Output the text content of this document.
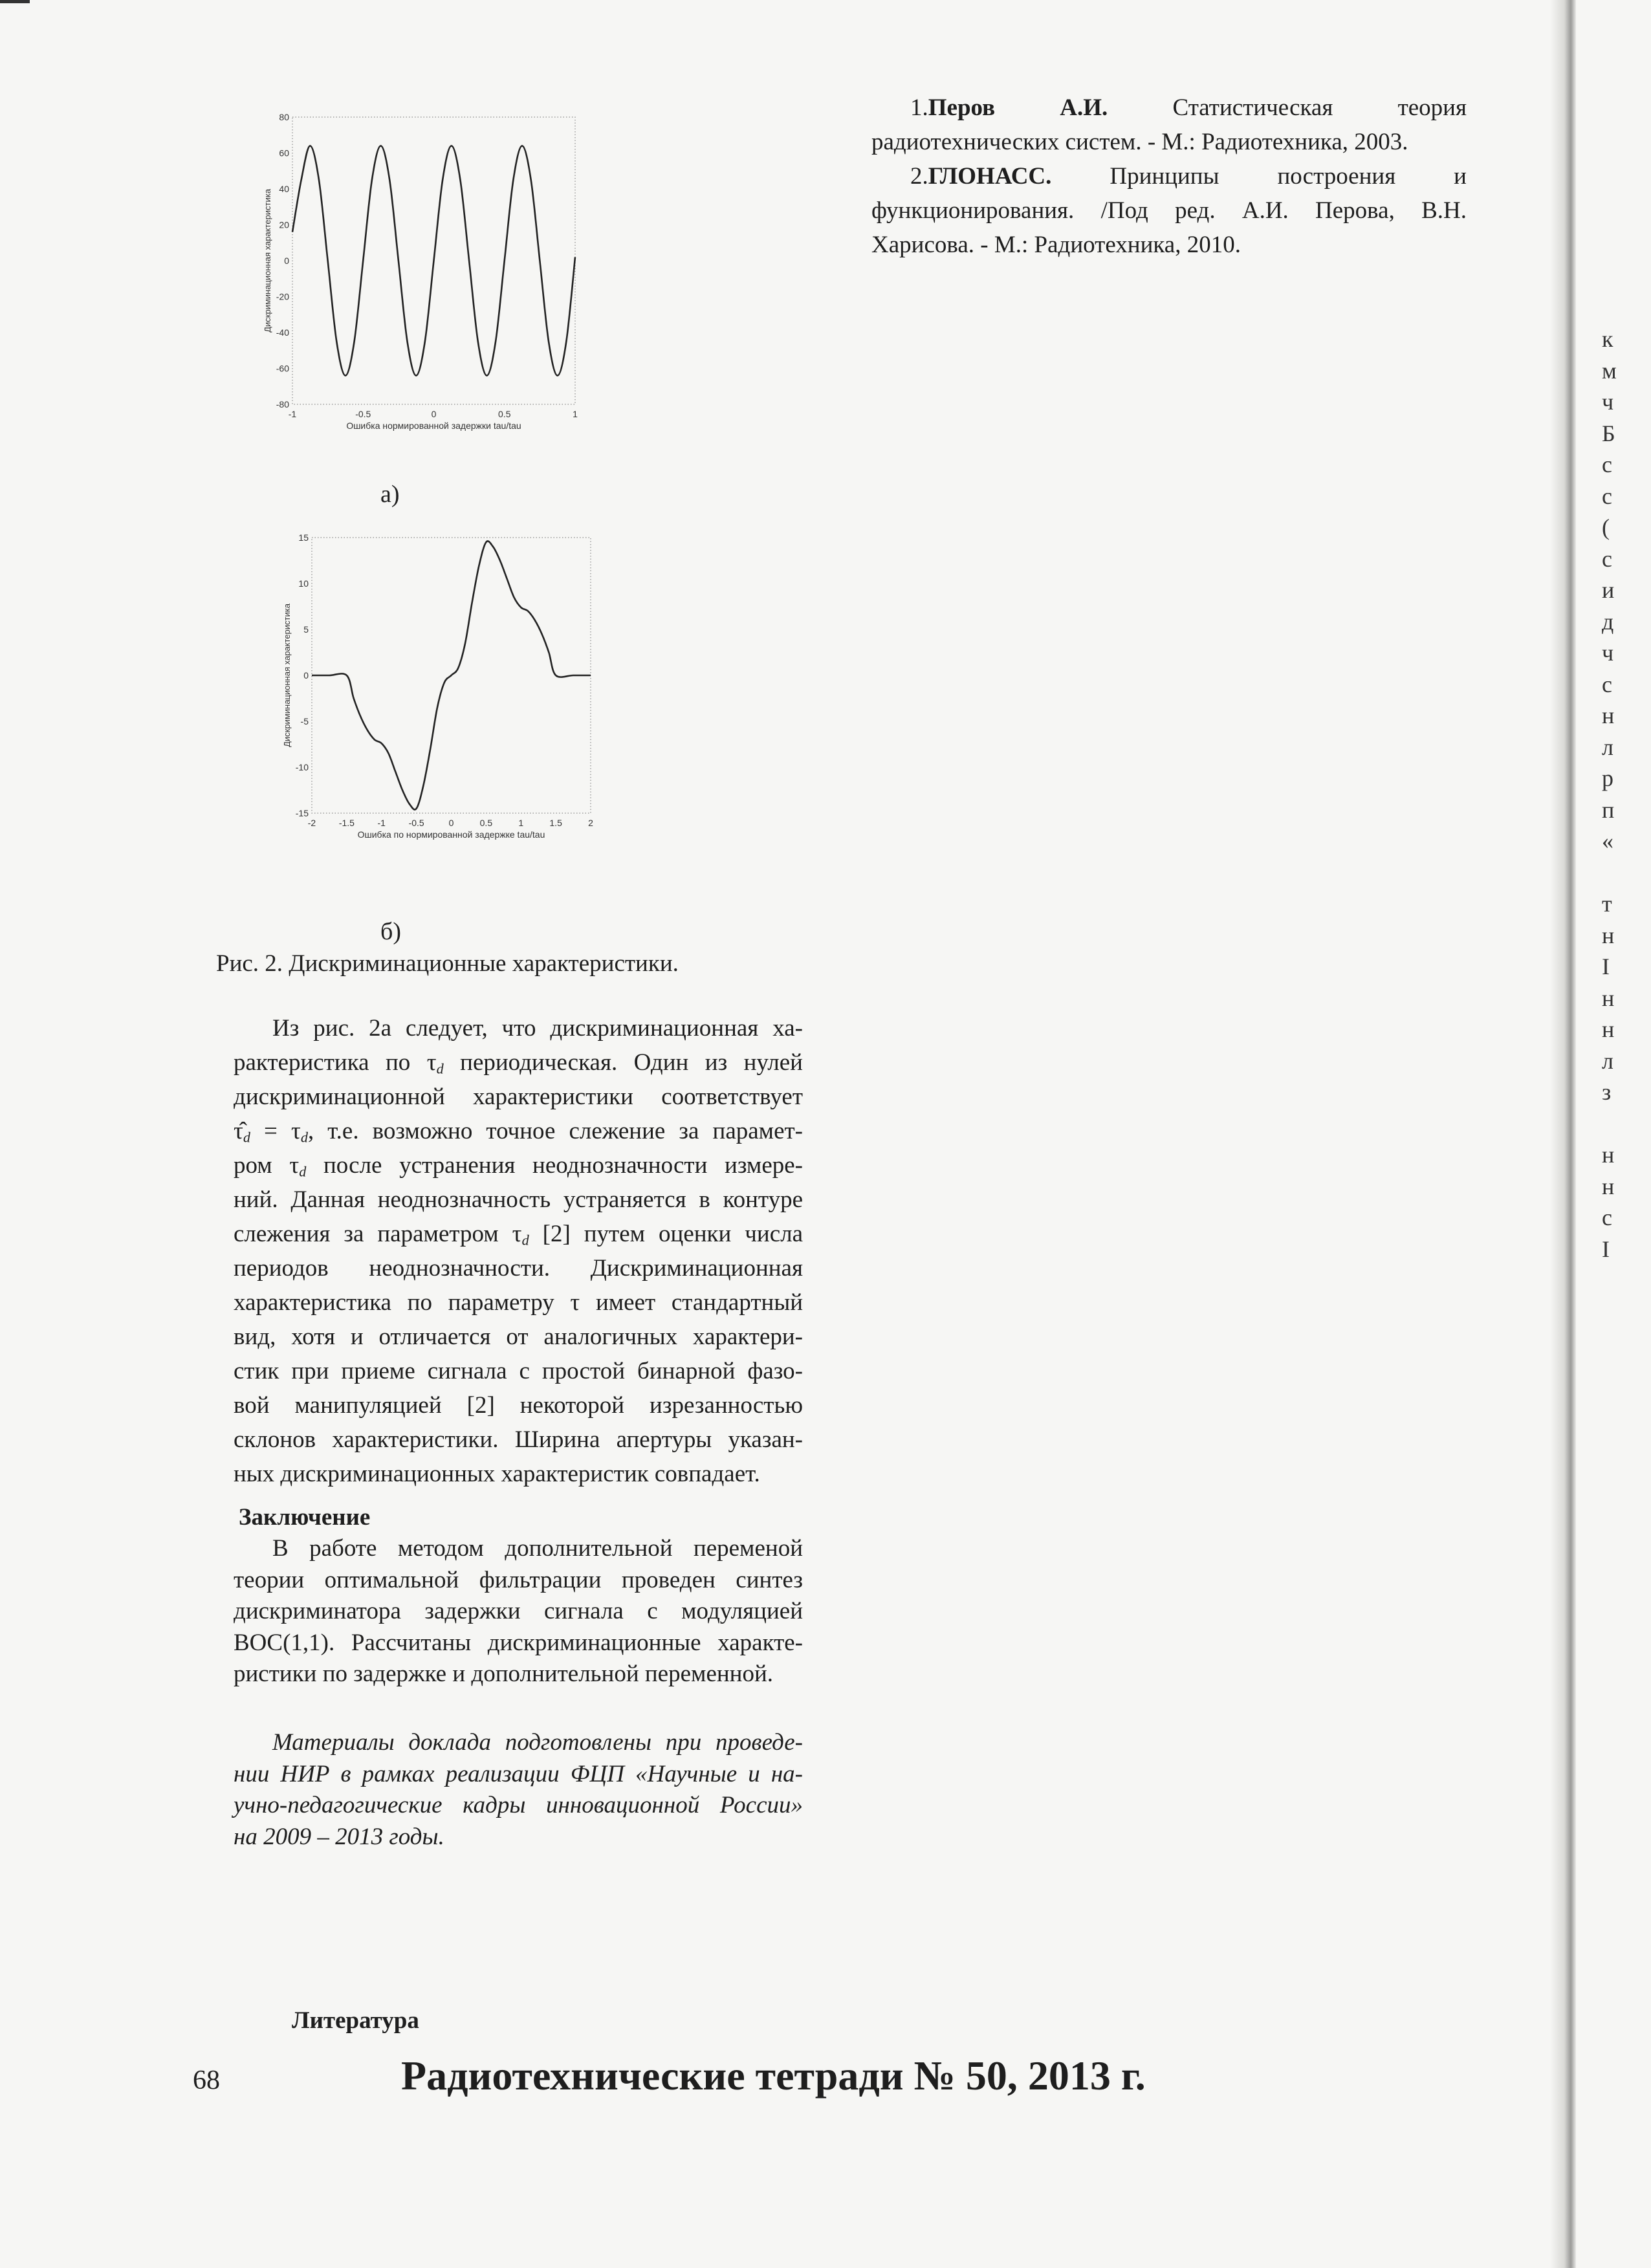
к
м
ч
Б
с
с
(
с
и
д
ч
с
н
л
р
п
«
т
н
I
н
н
л
з
н
н
с
I
1.Перов А.И. Статистическая теория радиотехнических систем. - М.: Радиотехника, 2003.
2.ГЛОНАСС. Принципы построения и функционирования. /Под ред. А.И. Перова, В.Н. Харисова. - М.: Радиотехника, 2010.
-80
-60
-40
-20
0
20
40
60
80
-1	-0.5	0	0.5	1
Ошибка нормированной задержки tau/tau
Дискриминационная характеристика
а)
-15
-10
-5
0
5
10
15
-2	-1.5	-1	-0.5	0	0.5	1	1.5	2
Ошибка по нормированной задержке tau/tau
Дискриминационная характеристика
б)
Рис. 2. Дискриминационные характеристики.
Из рис. 2а следует, что дискриминационная ха-
рактеристика по $\tau_d$ периодическая. Один из нулей
дискриминационной характеристики соответствует
$\taû_d = \tau_d$, т.е. возможно точное слежение за парамет-
ром $\tau_d$ после устранения неоднозначности измере-
ний. Данная неоднозначность устраняется в контуре
слежения за параметром $\tau_d$ [2] путем оценки числа
периодов неоднозначности. Дискриминационная
характеристика по параметру τ имеет стандартный
вид, хотя и отличается от аналогичных характери-
стик при приеме сигнала с простой бинарной фазо-
вой манипуляцией [2] некоторой изрезанностью
склонов характеристики. Ширина апертуры указан-
ных дискриминационных характеристик совпадает.
Заключение
В работе методом дополнительной переменой
теории оптимальной фильтрации проведен синтез
дискриминатора задержки сигнала с модуляцией
BOC(1,1). Рассчитаны дискриминационные характе-
ристики по задержке и дополнительной переменной.
Материалы доклада подготовлены при проведе-
нии НИР в рамках реализации ФЦП «Научные и на-
учно-педагогические кадры инновационной России»
на 2009 – 2013 годы.
Литература
68	Радиотехнические тетради № 50, 2013 г.
